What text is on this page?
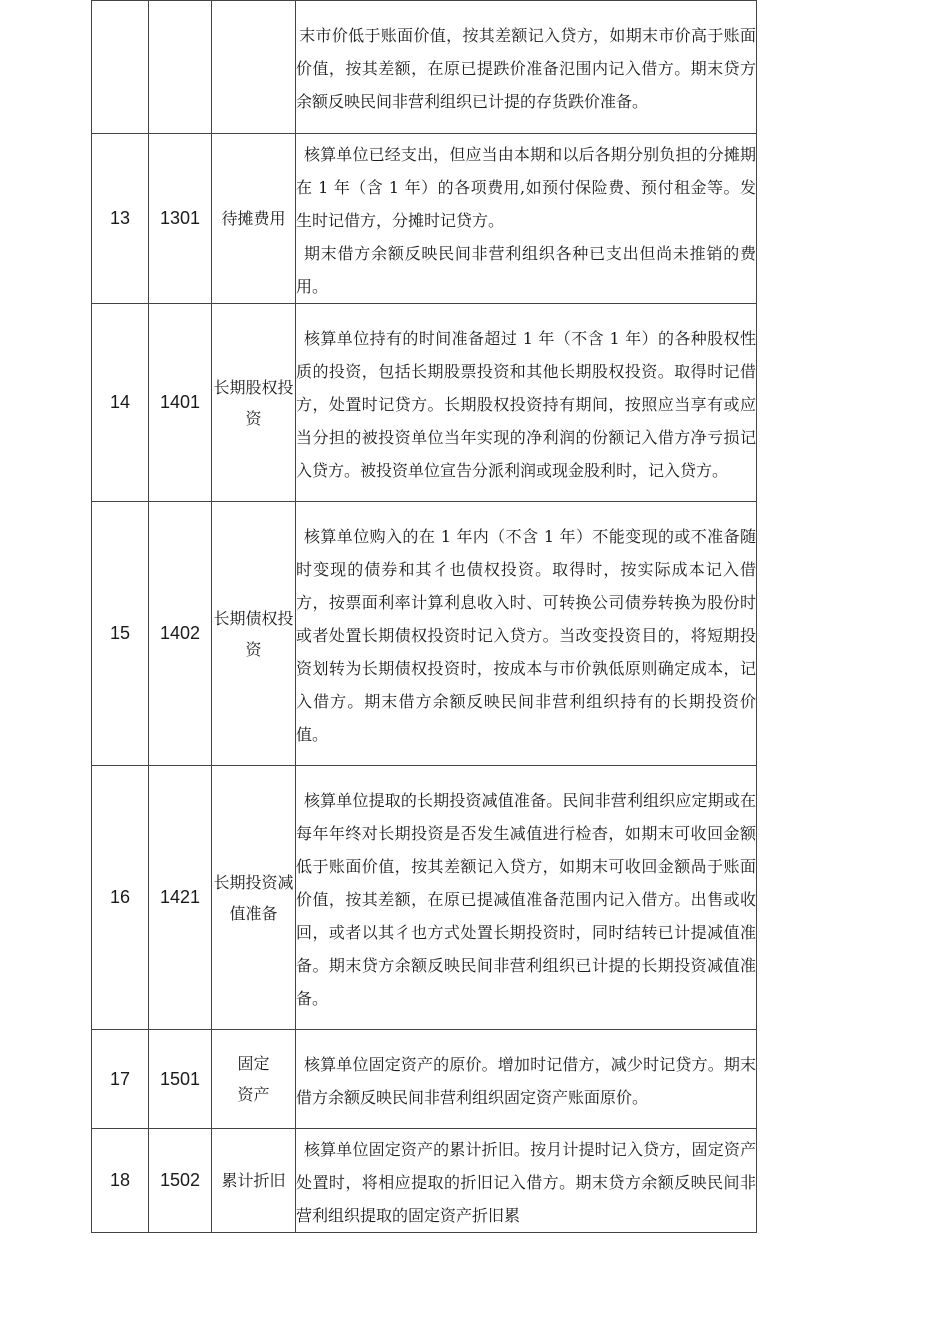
			末市价低于账面价值，按其差额记入贷方，如期末市价高于账面价值，按其差额，在原已提跌价准备氾围内记入借方。期末贷方余额反映民间非营利组织已计提的存货跌价准备。

13	1301	待摊费用	核算单位已经支出，但应当由本期和以后各期分别负担的分摊期在 1 年（含 1 年）的各项费用,如预付保险费、预付租金等。发生时记借方，分摊时记贷方。

期末借方余额反映民间非营利组织各种已支出但尚未推销的费用。

14	1401	长期股权投资	核算单位持有的时间准备超过 1 年（不含 1 年）的各种股权性质的投资，包括长期股票投资和其他长期股权投资。取得时记借方，处置时记贷方。长期股权投资持有期间，按照应当享有或应当分担的被投资单位当年实现的净利润的份额记入借方净亏损记入贷方。被投资单位宣告分派利润或现金股利时，记入贷方。

15	1402	长期债权投资	核算单位购入的在 1 年内（不含 1 年）不能变现的或不准备随时变现的债券和其彳也债权投资。取得时，按实际成本记入借方，按票面利率计算利息收入时、可转换公司债券转换为股份时或者处置长期债权投资时记入贷方。当改变投资目的，将短期投资划转为长期债权投资时，按成本与市价孰低原则确定成本，记入借方。期末借方余额反映民间非营利组织持有的长期投资价值。

16	1421	长期投资减值准备	核算单位提取的长期投资减值准备。民间非营利组织应定期或在每年年终对长期投资是否发生减值进行检杳，如期末可收回金额低于账面价值，按其差额记入贷方，如期末可收回金额咼于账面价值，按其差额，在原已提减值准备范围内记入借方。出售或收回，或者以其彳也方式处置长期投资时，同时结转已计提减值准备。期末贷方余额反映民间非营利组织已计提的长期投资减值准备。

17	1501	固定资产	核算单位固定资产的原价。增加时记借方，减少时记贷方。期末借方余额反映民间非营利组织固定资产账面原价。

18	1502	累计折旧	核算单位固定资产的累计折旧。按月计提时记入贷方，固定资产处置时，将相应提取的折旧记入借方。期末贷方余额反映民间非营利组织提取的固定资产折旧累
